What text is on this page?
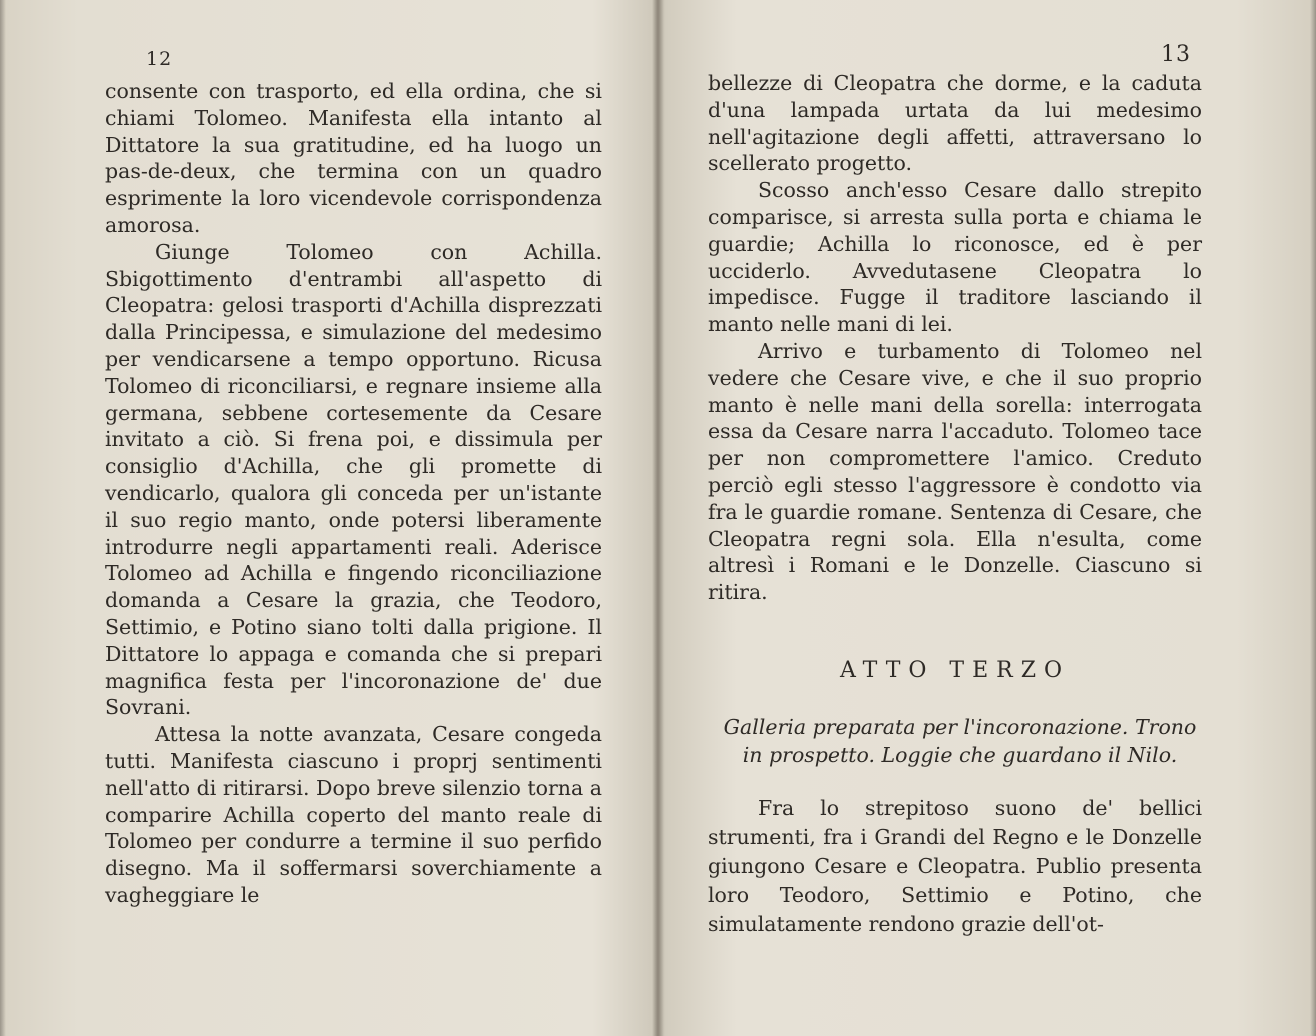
12

consente con trasporto, ed ella ordina, che si chiami Tolomeo. Manifesta ella intanto al Dittatore la sua gratitudine, ed ha luogo un pas-de-deux, che termina con un quadro esprimente la loro vicendevole corrispondenza amorosa.

Giunge Tolomeo con Achilla. Sbigottimento d'entrambi all'aspetto di Cleopatra: gelosi trasporti d'Achilla disprezzati dalla Principessa, e simulazione del medesimo per vendicarsene a tempo opportuno. Ricusa Tolomeo di riconciliarsi, e regnare insieme alla germana, sebbene cortesemente da Cesare invitato a ciò. Si frena poi, e dissimula per consiglio d'Achilla, che gli promette di vendicarlo, qualora gli conceda per un'istante il suo regio manto, onde potersi liberamente introdurre negli appartamenti reali. Aderisce Tolomeo ad Achilla e fingendo riconciliazione domanda a Cesare la grazia, che Teodoro, Settimio, e Potino siano tolti dalla prigione. Il Dittatore lo appaga e comanda che si prepari magnifica festa per l'incoronazione de' due Sovrani.

Attesa la notte avanzata, Cesare congeda tutti. Manifesta ciascuno i proprj sentimenti nell'atto di ritirarsi. Dopo breve silenzio torna a comparire Achilla coperto del manto reale di Tolomeo per condurre a termine il suo perfido disegno. Ma il soffermarsi soverchiamente a vagheggiare le

13

bellezze di Cleopatra che dorme, e la caduta d'una lampada urtata da lui medesimo nell'agitazione degli affetti, attraversano lo scellerato progetto.

Scosso anch'esso Cesare dallo strepito comparisce, si arresta sulla porta e chiama le guardie; Achilla lo riconosce, ed è per ucciderlo. Avvedutasene Cleopatra lo impedisce. Fugge il traditore lasciando il manto nelle mani di lei.

Arrivo e turbamento di Tolomeo nel vedere che Cesare vive, e che il suo proprio manto è nelle mani della sorella: interrogata essa da Cesare narra l'accaduto. Tolomeo tace per non compromettere l'amico. Creduto perciò egli stesso l'aggressore è condotto via fra le guardie romane. Sentenza di Cesare, che Cleopatra regni sola. Ella n'esulta, come altresì i Romani e le Donzelle. Ciascuno si ritira.

ATTO TERZO
Galleria preparata per l'incoronazione. Trono in prospetto. Loggie che guardano il Nilo.

Fra lo strepitoso suono de' bellici strumenti, fra i Grandi del Regno e le Donzelle giungono Cesare e Cleopatra. Publio presenta loro Teodoro, Settimio e Potino, che simulatamente rendono grazie dell'ot-
